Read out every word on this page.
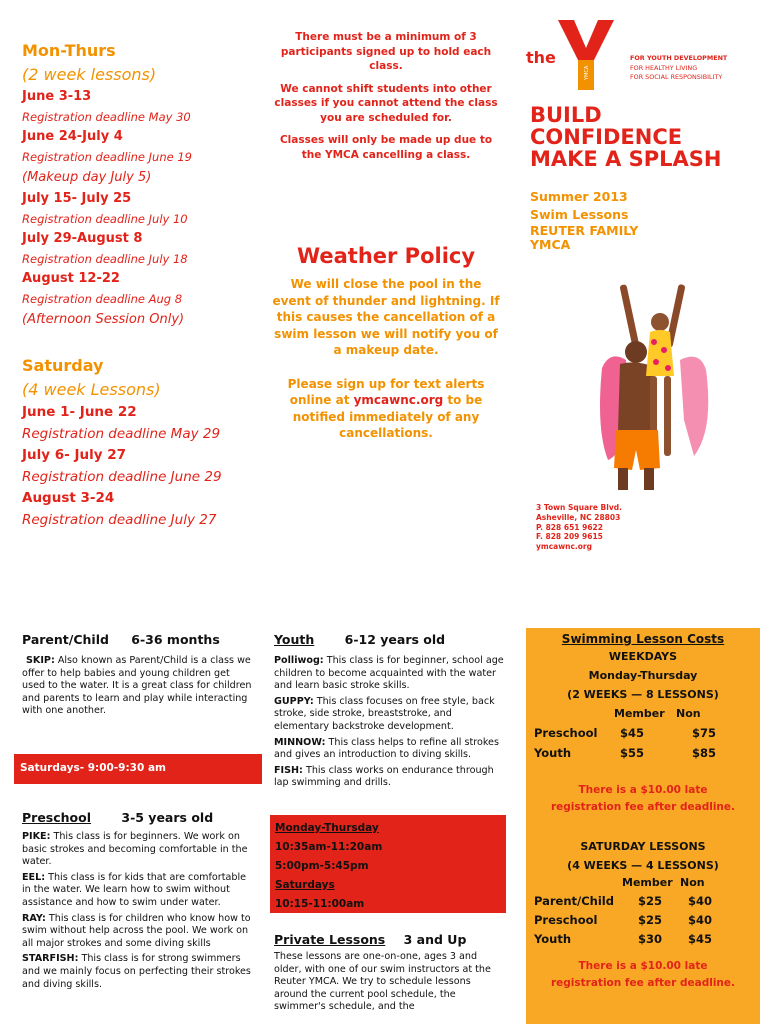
Mon-Thurs
(2 week lessons)
June 3-13
Registration deadline May 30
June 24-July 4
Registration deadline June 19
(Makeup day July 5)
July 15- July 25
Registration deadline July 10
July 29-August 8
Registration deadline July 18
August 12-22
Registration deadline Aug 8
(Afternoon Session Only)
Saturday
(4 week Lessons)
June 1- June 22
Registration deadline May 29
July 6- July 27
Registration deadline June 29
August 3-24
Registration deadline July 27

There must be a minimum of 3 participants signed up to hold each class.

We cannot shift students into other classes if you cannot attend the class you are scheduled for.

Classes will only be made up due to the YMCA cancelling a class.

Weather Policy

We will close the pool in the event of thunder and lightning. If this causes the cancellation of a swim lesson we will notify you of a makeup date.

Please sign up for text alerts online at ymcawnc.org to be notified immediately of any cancellations.

the
YMCA
FOR YOUTH DEVELOPMENT
FOR HEALTHY LIVING
FOR SOCIAL RESPONSIBILITY
BUILD CONFIDENCE
MAKE A SPLASH
Summer 2013
Swim Lessons
REUTER FAMILY
YMCA
3 Town Square Blvd.
Asheville, NC 28803
P. 828 651 9622
F. 828 209 9615
ymcawnc.org
Parent/Child 6-36 months
SKIP: Also known as Parent/Child is a class we offer to help babies and young children get used to the water. It is a great class for children and parents to learn and play while interacting with one another.
Saturdays- 9:00-9:30 am
Preschool 3-5 years old
PIKE: This class is for beginners. We work on basic strokes and becoming comfortable in the water.
EEL: This class is for kids that are comfortable in the water. We learn how to swim without assistance and how to swim under water.
RAY: This class is for children who know how to swim without help across the pool. We work on all major strokes and some diving skills
STARFISH: This class is for strong swimmers and we mainly focus on perfecting their strokes and diving skills.
Youth 6-12 years old
Polliwog: This class is for beginner, school age children to become acquainted with the water and learn basic stroke skills.
GUPPY: This class focuses on free style, back stroke, side stroke, breaststroke, and elementary backstroke development.
MINNOW: This class helps to refine all strokes and gives an introduction to diving skills.
FISH: This class works on endurance through lap swimming and drills.
Monday-Thursday
10:35am-11:20am
5:00pm-5:45pm
Saturdays
10:15-11:00am
Private Lessons 3 and Up
These lessons are one-on-one, ages 3 and older, with one of our swim instructors at the Reuter YMCA. We try to schedule lessons around the current pool schedule, the swimmer's schedule, and the
Swimming Lesson Costs
WEEKDAYS
Monday-Thursday
(2 WEEKS — 8 LESSONS)
Member	Non
Preschool	$45	$75
Youth	$55	$85
There is a $10.00 late registration fee after deadline.
SATURDAY LESSONS
(4 WEEKS — 4 LESSONS)
Member Non
Parent/Child	$25	$40
Preschool	$25	$40
Youth	$30	$45
There is a $10.00 late registration fee after deadline.
